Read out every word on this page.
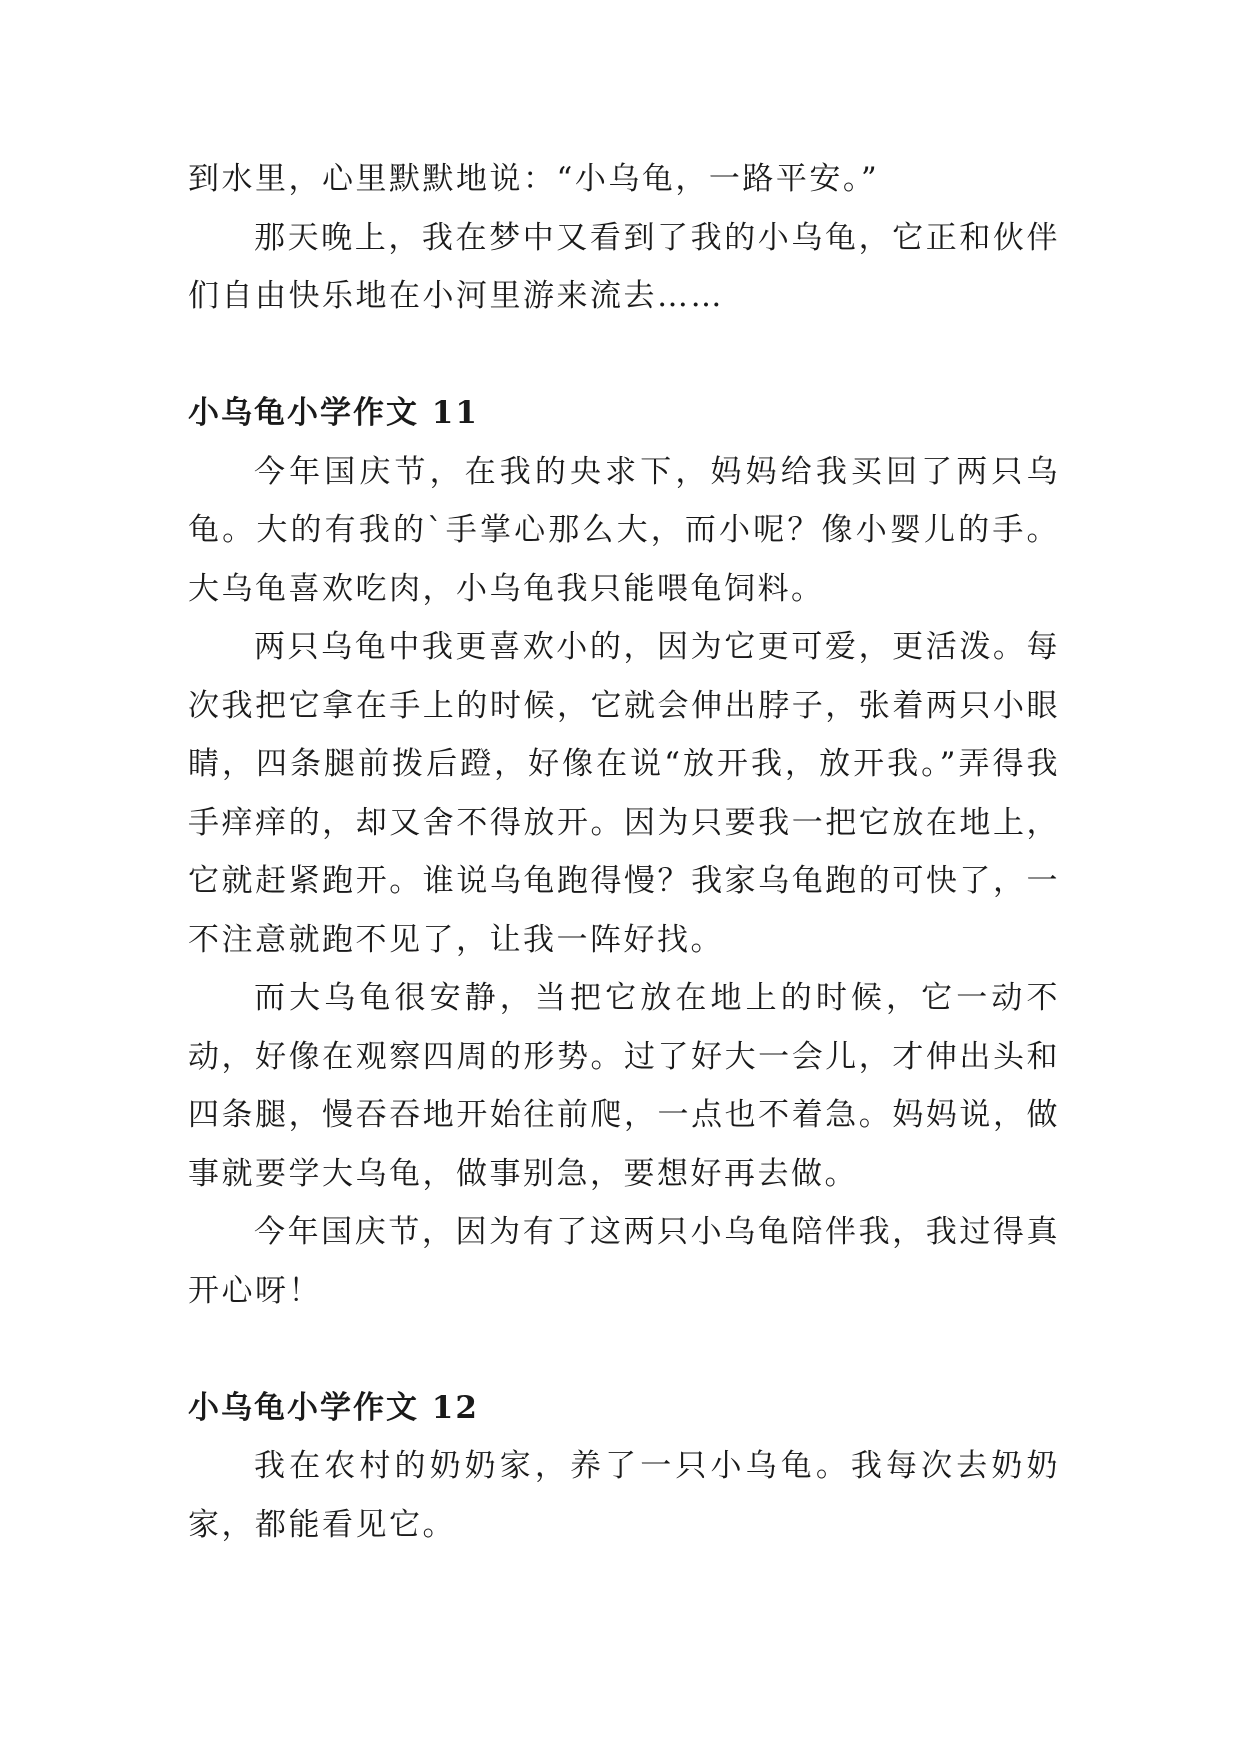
到水里，心里默默地说：“小乌龟，一路平安。”

那天晚上，我在梦中又看到了我的小乌龟，它正和伙伴们自由快乐地在小河里游来流去……

小乌龟小学作文 11

今年国庆节，在我的央求下，妈妈给我买回了两只乌龟。大的有我的`手掌心那么大，而小呢？像小婴儿的手。大乌龟喜欢吃肉，小乌龟我只能喂龟饲料。

两只乌龟中我更喜欢小的，因为它更可爱，更活泼。每次我把它拿在手上的时候，它就会伸出脖子，张着两只小眼睛，四条腿前拨后蹬，好像在说“放开我，放开我。”弄得我手痒痒的，却又舍不得放开。因为只要我一把它放在地上，它就赶紧跑开。谁说乌龟跑得慢？我家乌龟跑的可快了，一不注意就跑不见了，让我一阵好找。

而大乌龟很安静，当把它放在地上的时候，它一动不动，好像在观察四周的形势。过了好大一会儿，才伸出头和四条腿，慢吞吞地开始往前爬，一点也不着急。妈妈说，做事就要学大乌龟，做事别急，要想好再去做。

今年国庆节，因为有了这两只小乌龟陪伴我，我过得真开心呀！

小乌龟小学作文 12

我在农村的奶奶家，养了一只小乌龟。我每次去奶奶家，都能看见它。
